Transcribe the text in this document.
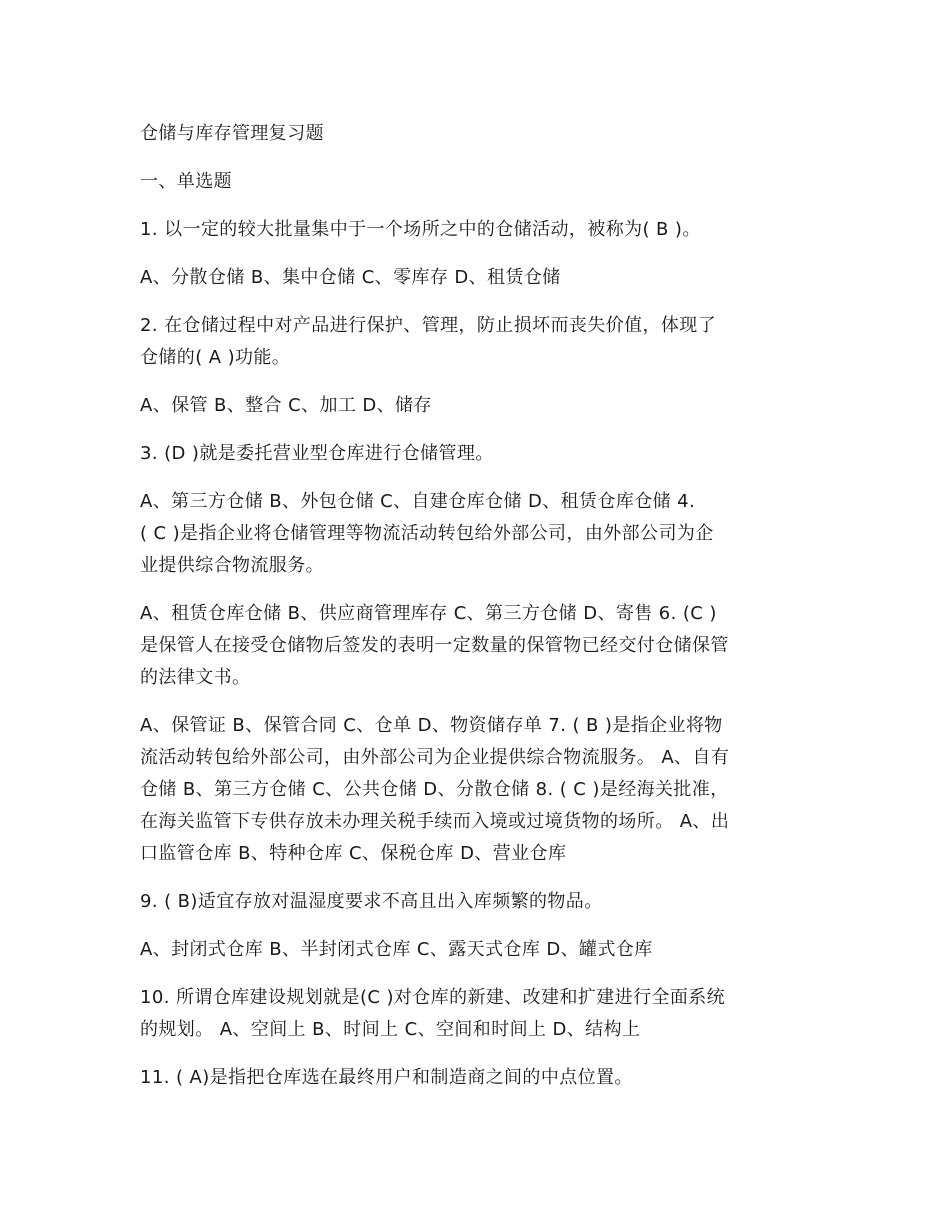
仓储与库存管理复习题

一、单选题

1. 以一定的较大批量集中于一个场所之中的仓储活动，被称为( B )。

A、分散仓储 B、集中仓储 C、零库存 D、租赁仓储

2. 在仓储过程中对产品进行保护、管理，防止损坏而丧失价值，体现了
仓储的( A )功能。

A、保管 B、整合 C、加工 D、储存

3. (D )就是委托营业型仓库进行仓储管理。

A、第三方仓储 B、外包仓储 C、自建仓库仓储 D、租赁仓库仓储 4.
( C )是指企业将仓储管理等物流活动转包给外部公司，由外部公司为企
业提供综合物流服务。

A、租赁仓库仓储 B、供应商管理库存 C、第三方仓储 D、寄售 6. (C )
是保管人在接受仓储物后签发的表明一定数量的保管物已经交付仓储保管
的法律文书。

A、保管证 B、保管合同 C、仓单 D、物资储存单 7. ( B )是指企业将物
流活动转包给外部公司，由外部公司为企业提供综合物流服务。 A、自有
仓储 B、第三方仓储 C、公共仓储 D、分散仓储 8. ( C )是经海关批准，
在海关监管下专供存放未办理关税手续而入境或过境货物的场所。 A、出
口监管仓库 B、特种仓库 C、保税仓库 D、营业仓库

9. ( B)适宜存放对温湿度要求不高且出入库频繁的物品。

A、封闭式仓库 B、半封闭式仓库 C、露天式仓库 D、罐式仓库

10. 所谓仓库建设规划就是(C )对仓库的新建、改建和扩建进行全面系统
的规划。 A、空间上 B、时间上 C、空间和时间上 D、结构上

11. ( A)是指把仓库选在最终用户和制造商之间的中点位置。
